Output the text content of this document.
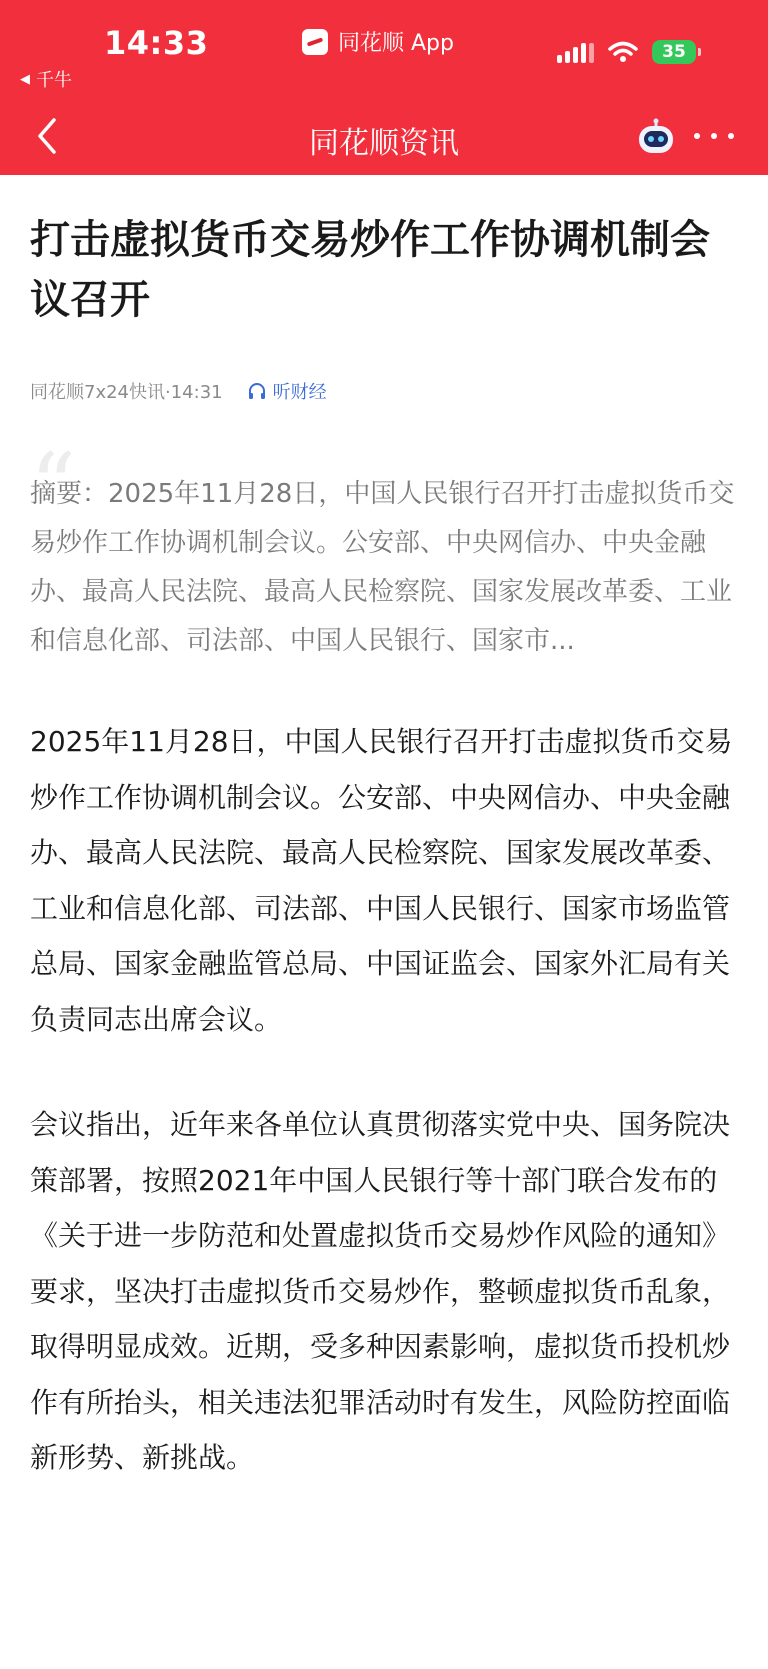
14:33
◀ 千牛
同花顺 App	35
同花顺资讯
打击虚拟货币交易炒作工作协调机制会议召开
同花顺7x24快讯·14:31	听财经
“
摘要：2025年11月28日，中国人民银行召开打击虚拟货币交易炒作工作协调机制会议。公安部、中央网信办、中央金融办、最高人民法院、最高人民检察院、国家发展改革委、工业和信息化部、司法部、中国人民银行、国家市...
2025年11月28日，中国人民银行召开打击虚拟货币交易炒作工作协调机制会议。公安部、中央网信办、中央金融办、最高人民法院、最高人民检察院、国家发展改革委、工业和信息化部、司法部、中国人民银行、国家市场监管总局、国家金融监管总局、中国证监会、国家外汇局有关负责同志出席会议。
会议指出，近年来各单位认真贯彻落实党中央、国务院决策部署，按照2021年中国人民银行等十部门联合发布的《关于进一步防范和处置虚拟货币交易炒作风险的通知》要求，坚决打击虚拟货币交易炒作，整顿虚拟货币乱象，取得明显成效。近期，受多种因素影响，虚拟货币投机炒作有所抬头，相关违法犯罪活动时有发生，风险防控面临新形势、新挑战。
